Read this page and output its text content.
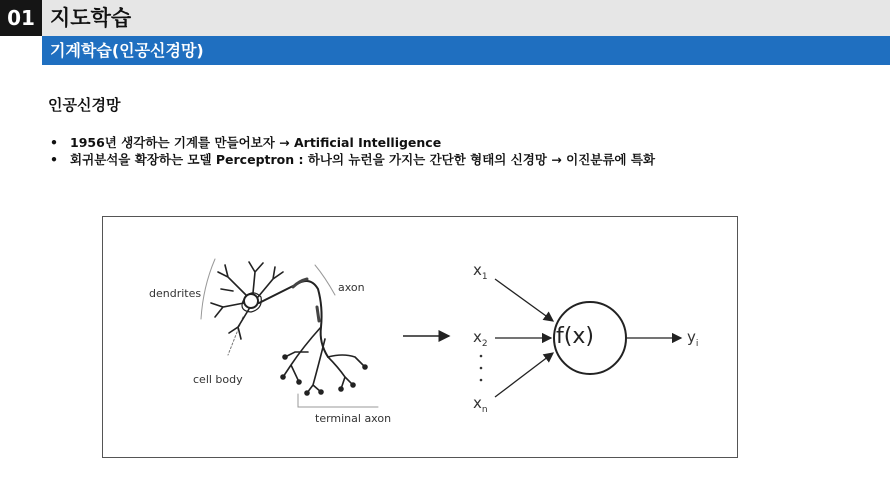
01 지도학습
기계학습(인공신경망)
인공신경망
• 1956년 생각하는 기계를 만들어보자 → Artificial Intelligence
• 회귀분석을 확장하는 모델 Perceptron : 하나의 뉴런을 가지는 간단한 형태의 신경망 → 이진분류에 특화
dendrites	axon
cell body
terminal axon
$x_1$
$x_2$
$x_n$
f(x)	$y_i$
